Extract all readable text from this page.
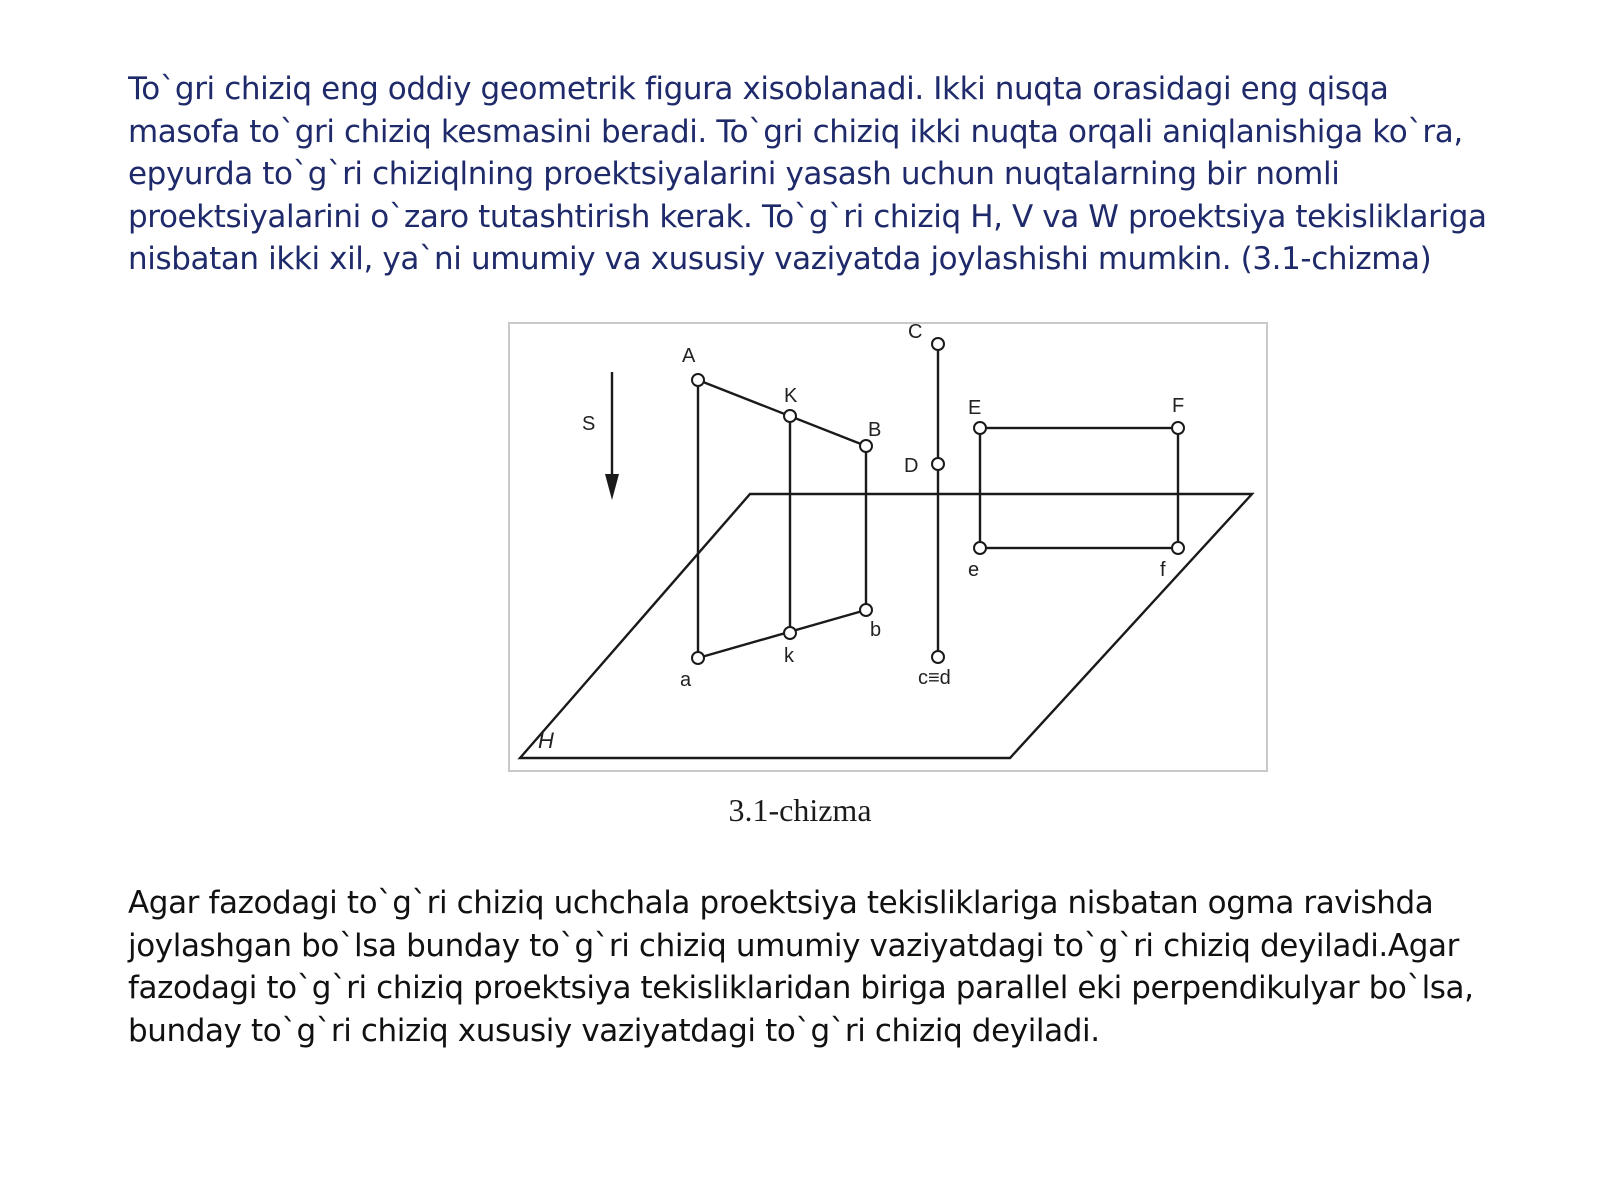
To`gri chiziq eng oddiy geometrik figura xisoblanadi. Ikki nuqta orasidagi eng qisqa masofa to`gri chiziq kesmasini beradi. To`gri chiziq ikki nuqta orqali aniqlanishiga ko`ra, epyurda to`g`ri chiziqlning proektsiyalarini yasash uchun nuqtalarning bir nomli proektsiyalarini o`zaro tutashtirish kerak. To`g`ri chiziq H, V va W proektsiya tekisliklariga nisbatan ikki xil, ya`ni umumiy va xususiy vaziyatda joylashishi mumkin. (3.1-chizma)

H
S
A
K
B
a
k
b
C
D
c≡d
E	F
e	f
3.1-chizma

Agar fazodagi to`g`ri chiziq uchchala proektsiya tekisliklariga nisbatan ogma ravishda joylashgan bo`lsa bunday to`g`ri chiziq umumiy vaziyatdagi to`g`ri chiziq deyiladi.Agar fazodagi to`g`ri chiziq proektsiya tekisliklaridan biriga parallel eki perpendikulyar bo`lsa, bunday to`g`ri chiziq xususiy vaziyatdagi to`g`ri chiziq deyiladi.
